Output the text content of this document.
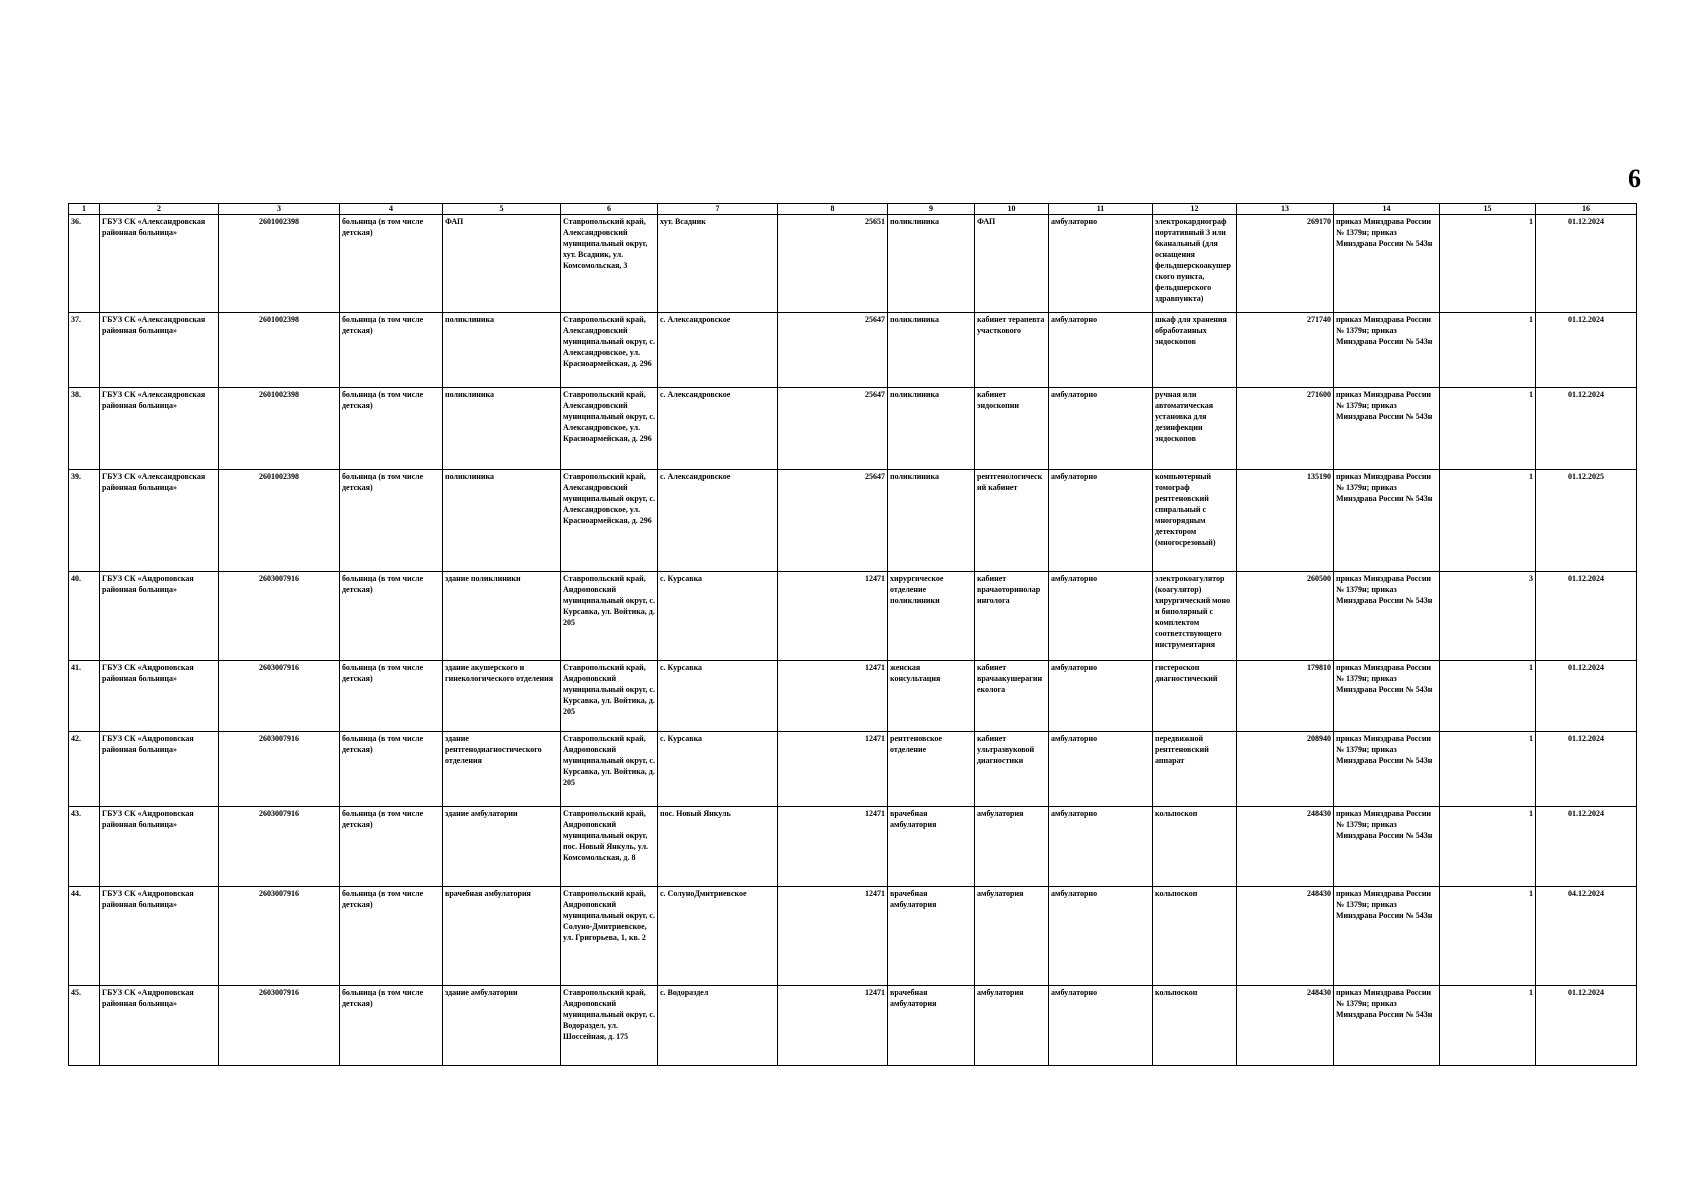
6
1	2	3	4	5	6	7	8	9	10	11	12	13	14	15	16
36.	ГБУЗ СК «Александровская районная больница»	2601002398	больница (в том числе детская)	ФАП	Ставропольский край, Александровский муниципальный округ, хут. Всадник, ул. Комсомольская, 3	хут. Всадник	25651	поликлиника	ФАП	амбулаторно	электрокардиограф портативный 3 или 6канальный (для оснащения фельдшерскоакушерского пункта, фельдшерского здравпункта)	269170	приказ Минздрава России № 1379н; приказ Минздрава России № 543н	1	01.12.2024
37.	ГБУЗ СК «Александровская районная больница»	2601002398	больница (в том числе детская)	поликлиника	Ставропольский край, Александровский муниципальный округ, с. Александровское, ул. Красноармейская, д. 296	с. Александровское	25647	поликлиника	кабинет терапевта участкового	амбулаторно	шкаф для хранения обработанных эндоскопов	271740	приказ Минздрава России № 1379н; приказ Минздрава России № 543н	1	01.12.2024
38.	ГБУЗ СК «Александровская районная больница»	2601002398	больница (в том числе детская)	поликлиника	Ставропольский край, Александровский муниципальный округ, с. Александровское, ул. Красноармейская, д. 296	с. Александровское	25647	поликлиника	кабинет эндоскопии	амбулаторно	ручная или автоматическая установка для дезинфекции эндоскопов	271600	приказ Минздрава России № 1379н; приказ Минздрава России № 543н	1	01.12.2024
39.	ГБУЗ СК «Александровская районная больница»	2601002398	больница (в том числе детская)	поликлиника	Ставропольский край, Александровский муниципальный округ, с. Александровское, ул. Красноармейская, д. 296	с. Александровское	25647	поликлиника	рентгенологический кабинет	амбулаторно	компьютерный томограф рентгеновский спиральный с многорядным детектором (многосрезовый)	135190	приказ Минздрава России № 1379н; приказ Минздрава России № 543н	1	01.12.2025
40.	ГБУЗ СК «Андроповская районная больница»	2603007916	больница (в том числе детская)	здание поликлиники	Ставропольский край, Андроповский муниципальный округ, с. Курсавка, ул. Войтика, д. 205	с. Курсавка	12471	хирургическое отделение поликлиники	кабинет врачаоторинолар инголога	амбулаторно	электрокоагулятор (коагулятор) хирургический моно и биполярный с комплектом соответствующего инструментария	260500	приказ Минздрава России № 1379н; приказ Минздрава России № 543н	3	01.12.2024
41.	ГБУЗ СК «Андроповская районная больница»	2603007916	больница (в том числе детская)	здание акушерского и гинекологического отделения	Ставропольский край, Андроповский муниципальный округ, с. Курсавка, ул. Войтика, д. 205	с. Курсавка	12471	женская консультация	кабинет врачаакушерагин еколога	амбулаторно	гистероскоп диагностический	179810	приказ Минздрава России № 1379н; приказ Минздрава России № 543н	1	01.12.2024
42.	ГБУЗ СК «Андроповская районная больница»	2603007916	больница (в том числе детская)	здание рентгенодиагностического отделения	Ставропольский край, Андроповский муниципальный округ, с. Курсавка, ул. Войтика, д. 205	с. Курсавка	12471	рентгеновское отделение	кабинет ультразвуковой диагностики	амбулаторно	передвижной рентгеновский аппарат	208940	приказ Минздрава России № 1379н; приказ Минздрава России № 543н	1	01.12.2024
43.	ГБУЗ СК «Андроповская районная больница»	2603007916	больница (в том числе детская)	здание амбулатории	Ставропольский край, Андроповский муниципальный округ, пос. Новый Янкуль, ул. Комсомольская, д. 8	пос. Новый Янкуль	12471	врачебная амбулатория	амбулатория	амбулаторно	кольпоскоп	248430	приказ Минздрава России № 1379н; приказ Минздрава России № 543н	1	01.12.2024
44.	ГБУЗ СК «Андроповская районная больница»	2603007916	больница (в том числе детская)	врачебная амбулатория	Ставропольский край, Андроповский муниципальный округ, с. Солуно-Дмитриевское, ул. Григорьева, 1, кв. 2	с. СолуноДмитриевское	12471	врачебная амбулатория	амбулатория	амбулаторно	кольпоскоп	248430	приказ Минздрава России № 1379н; приказ Минздрава России № 543н	1	04.12.2024
45.	ГБУЗ СК «Андроповская районная больница»	2603007916	больница (в том числе детская)	здание амбулатории	Ставропольский край, Андроповский муниципальный округ, с. Водораздел, ул. Шоссейная, д. 175	с. Водораздел	12471	врачебная амбулатория	амбулатория	амбулаторно	кольпоскоп	248430	приказ Минздрава России № 1379н; приказ Минздрава России № 543н	1	01.12.2024
